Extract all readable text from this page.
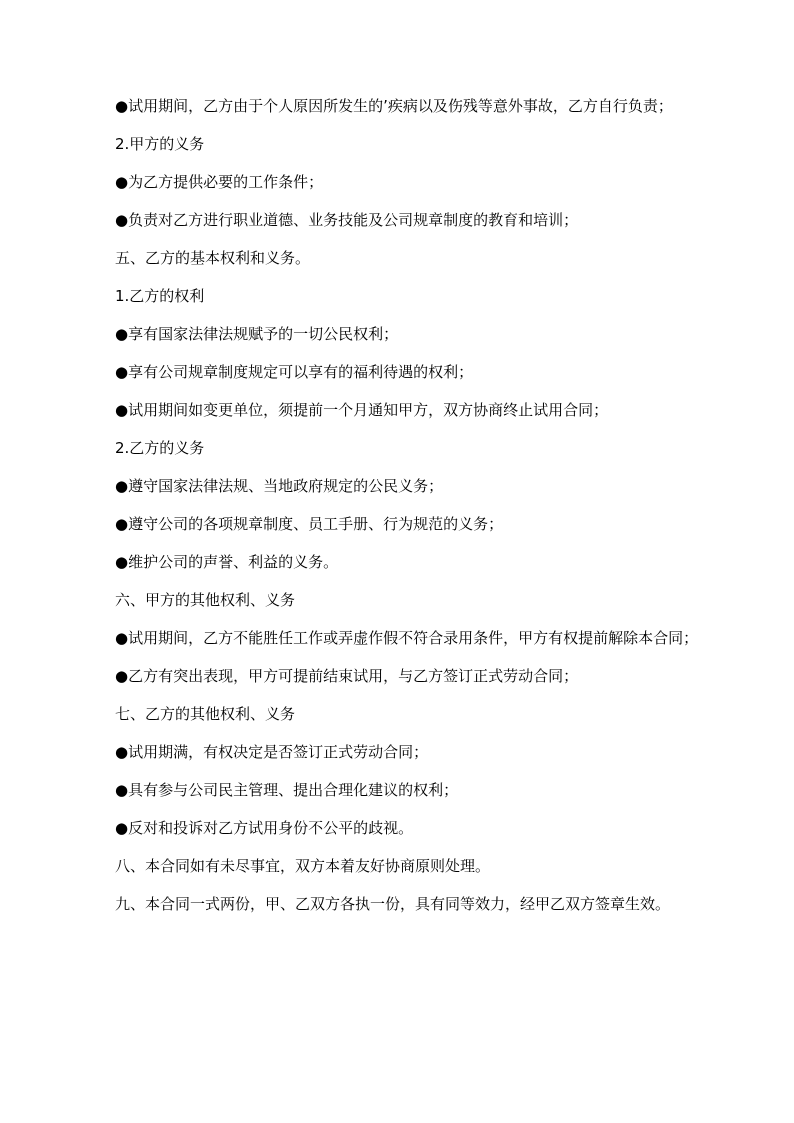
●试用期间，乙方由于个人原因所发生的’疾病以及伤残等意外事故，乙方自行负责；

2.甲方的义务

●为乙方提供必要的工作条件；

●负责对乙方进行职业道德、业务技能及公司规章制度的教育和培训；

五、乙方的基本权利和义务。

1.乙方的权利

●享有国家法律法规赋予的一切公民权利；

●享有公司规章制度规定可以享有的福利待遇的权利；

●试用期间如变更单位，须提前一个月通知甲方，双方协商终止试用合同；

2.乙方的义务

●遵守国家法律法规、当地政府规定的公民义务；

●遵守公司的各项规章制度、员工手册、行为规范的义务；

●维护公司的声誉、利益的义务。

六、甲方的其他权利、义务

●试用期间，乙方不能胜任工作或弄虚作假不符合录用条件，甲方有权提前解除本合同；

●乙方有突出表现，甲方可提前结束试用，与乙方签订正式劳动合同；

七、乙方的其他权利、义务

●试用期满，有权决定是否签订正式劳动合同；

●具有参与公司民主管理、提出合理化建议的权利；

●反对和投诉对乙方试用身份不公平的歧视。

八、本合同如有未尽事宜，双方本着友好协商原则处理。

九、本合同一式两份，甲、乙双方各执一份，具有同等效力，经甲乙双方签章生效。
